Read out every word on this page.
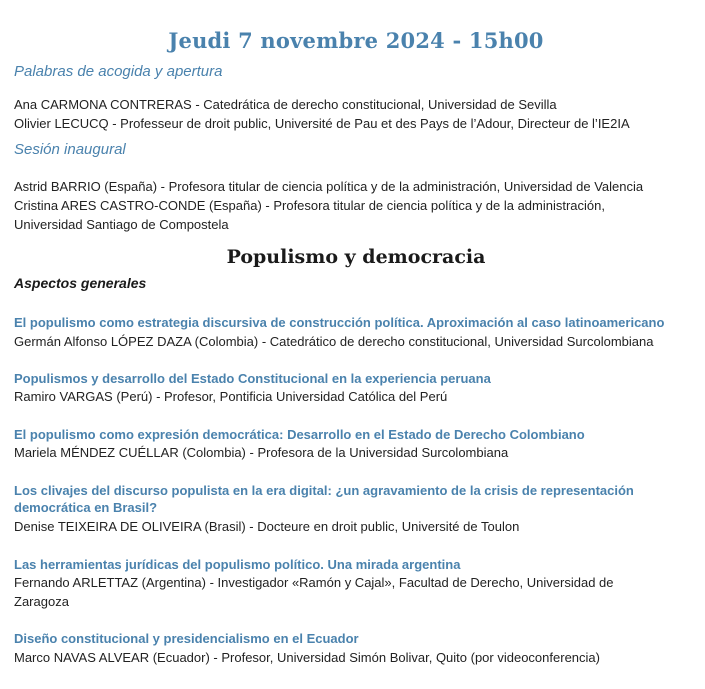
Jeudi 7 novembre 2024 - 15h00
Palabras de acogida y apertura
Ana CARMONA CONTRERAS - Catedrática de derecho constitucional, Universidad de Sevilla
Olivier LECUCQ - Professeur de droit public, Université de Pau et des Pays de l’Adour, Directeur de l’IE2IA
Sesión inaugural
Astrid BARRIO (España) - Profesora titular de ciencia política y de la administración, Universidad de Valencia
Cristina ARES CASTRO-CONDE (España) - Profesora titular de ciencia política y de la administración,
Universidad Santiago de Compostela
Populismo y democracia
Aspectos generales
El populismo como estrategia discursiva de construcción política. Aproximación al caso latinoamericano
Germán Alfonso LÓPEZ DAZA (Colombia) - Catedrático de derecho constitucional, Universidad Surcolombiana
Populismos y desarrollo del Estado Constitucional en la experiencia peruana
Ramiro VARGAS (Perú) - Profesor, Pontificia Universidad Católica del Perú
El populismo como expresión democrática: Desarrollo en el Estado de Derecho Colombiano
Mariela MÉNDEZ CUÉLLAR (Colombia) - Profesora de la Universidad Surcolombiana
Los clivajes del discurso populista en la era digital: ¿un agravamiento de la crisis de representación
democrática en Brasil?
Denise TEIXEIRA DE OLIVEIRA (Brasil) - Docteure en droit public, Université de Toulon
Las herramientas jurídicas del populismo político. Una mirada argentina
Fernando ARLETTAZ (Argentina) - Investigador «Ramón y Cajal», Facultad de Derecho, Universidad de
Zaragoza
Diseño constitucional y presidencialismo en el Ecuador
Marco NAVAS ALVEAR (Ecuador) - Profesor, Universidad Simón Bolivar, Quito (por videoconferencia)
